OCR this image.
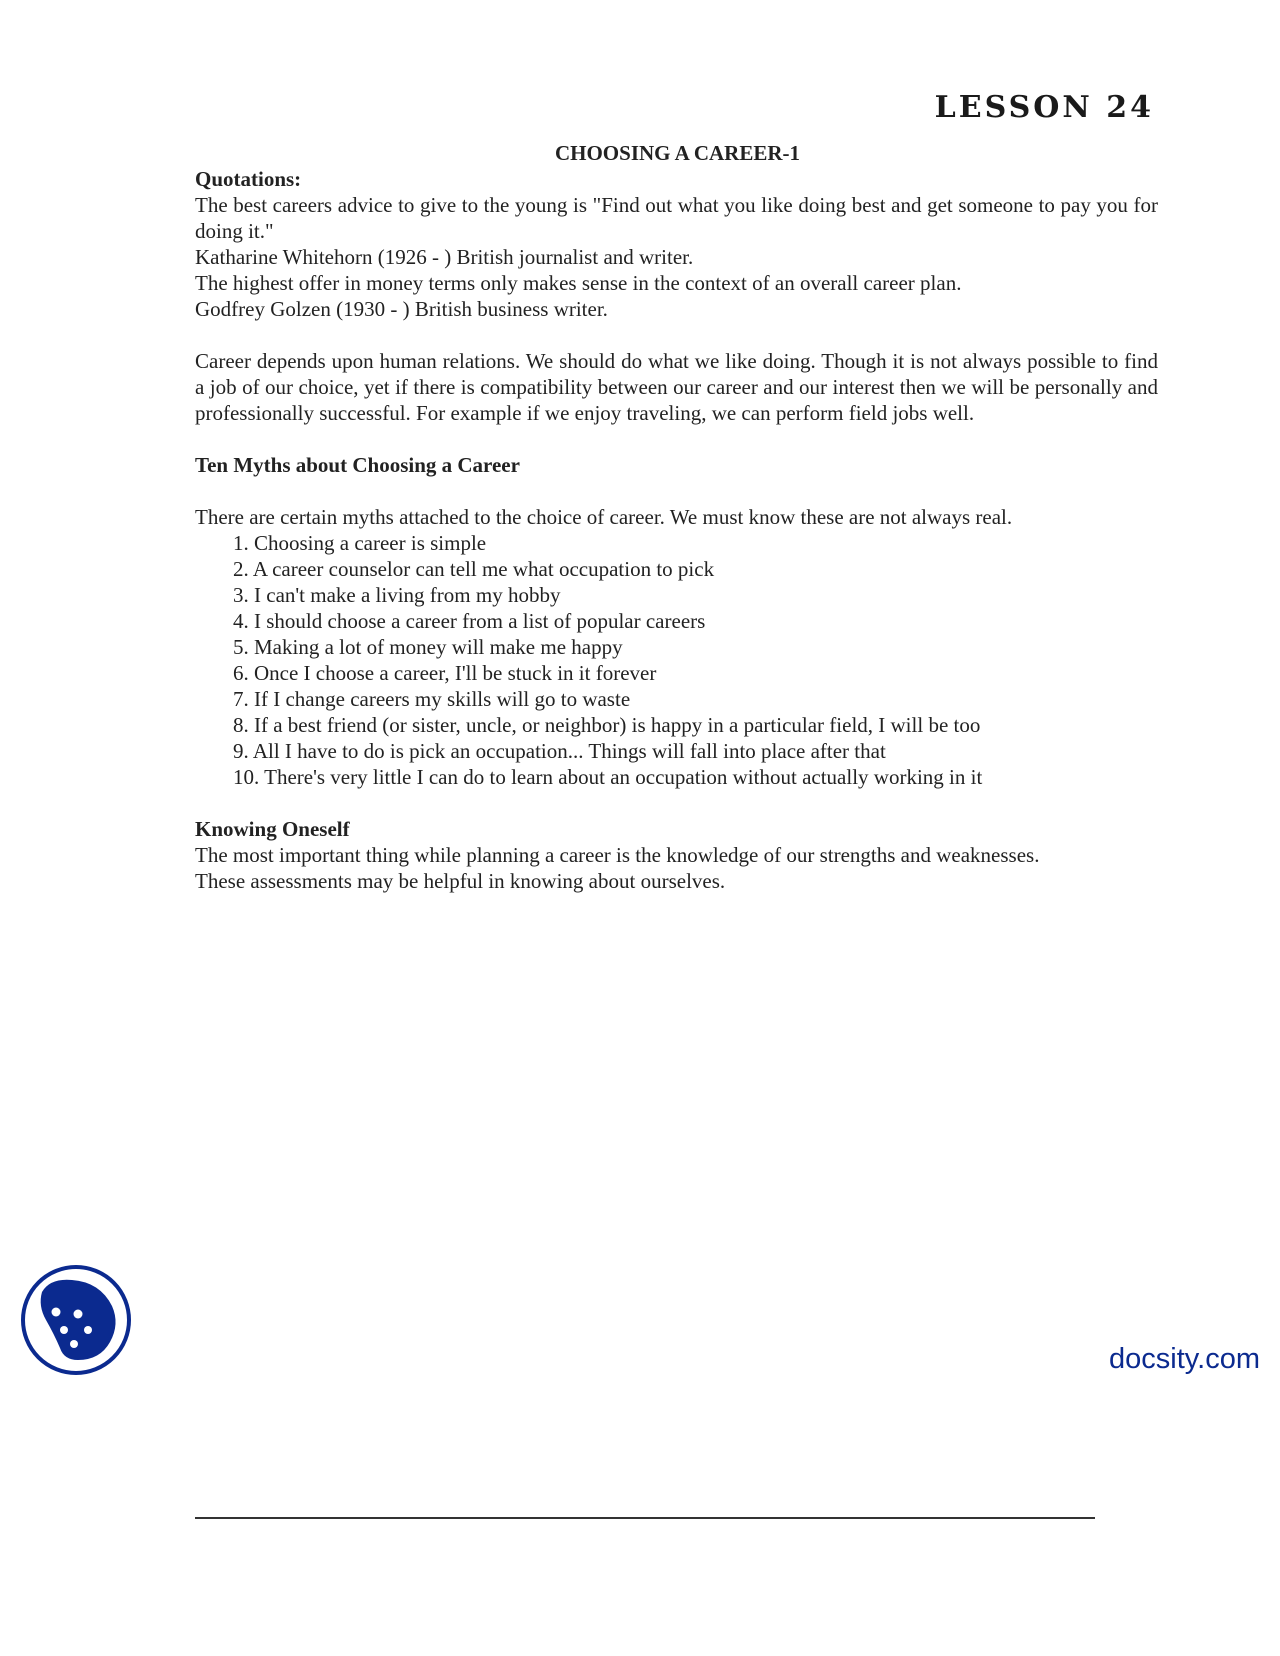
LESSON 24
CHOOSING A CAREER-1

Quotations:

The best careers advice to give to the young is "Find out what you like doing best and get someone to pay you for doing it."

Katharine Whitehorn (1926 - ) British journalist and writer.

The highest offer in money terms only makes sense in the context of an overall career plan.

Godfrey Golzen (1930 - ) British business writer.

Career depends upon human relations. We should do what we like doing. Though it is not always possible to find a job of our choice, yet if there is compatibility between our career and our interest then we will be personally and professionally successful. For example if we enjoy traveling, we can perform field jobs well.

Ten Myths about Choosing a Career

There are certain myths attached to the choice of career. We must know these are not always real.

1. Choosing a career is simple
2. A career counselor can tell me what occupation to pick
3. I can't make a living from my hobby
4. I should choose a career from a list of popular careers
5. Making a lot of money will make me happy
6. Once I choose a career, I'll be stuck in it forever
7. If I change careers my skills will go to waste
8. If a best friend (or sister, uncle, or neighbor) is happy in a particular field, I will be too
9. All I have to do is pick an occupation... Things will fall into place after that
10. There's very little I can do to learn about an occupation without actually working in it

Knowing Oneself

The most important thing while planning a career is the knowledge of our strengths and weaknesses.

These assessments may be helpful in knowing about ourselves.

docsity.com
